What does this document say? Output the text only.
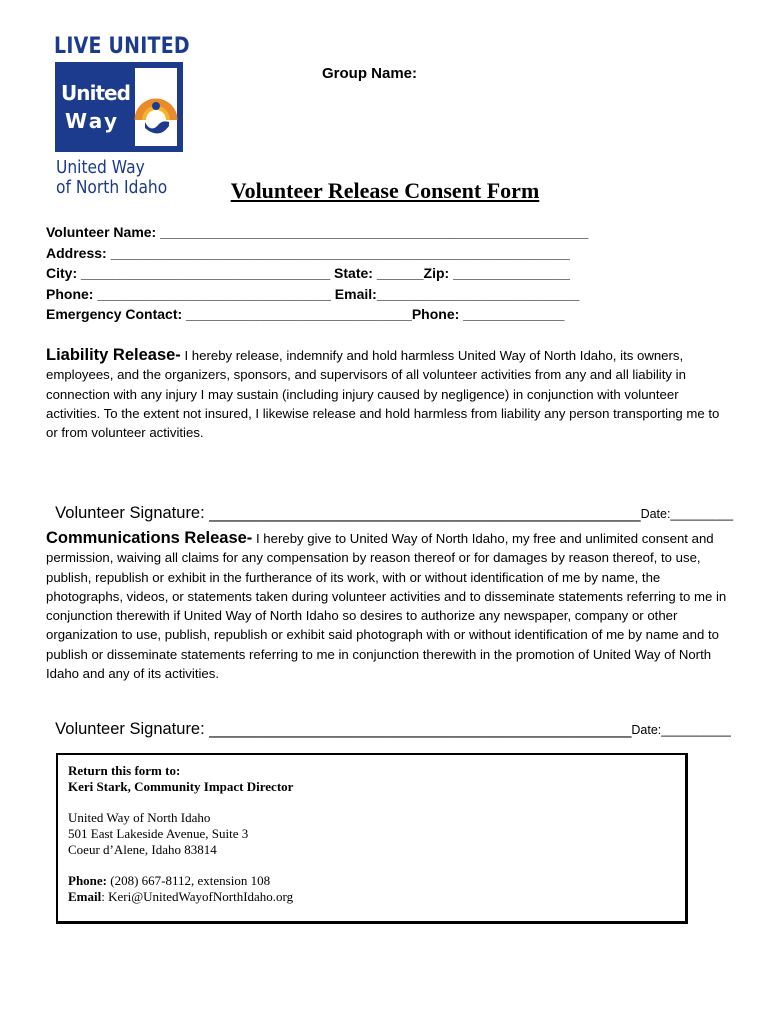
LIVE UNITED
United
Way
United Way
of North Idaho
Group Name:
Volunteer Release Consent Form
Volunteer Name: _______________________________________________________
Address: ___________________________________________________________
City: ________________________________ State: ______Zip: _______________
Phone: ______________________________ Email:__________________________
Emergency Contact: _____________________________Phone: _____________
Liability Release- I hereby release, indemnify and hold harmless United Way of North Idaho, its owners, employees, and the organizers, sponsors, and supervisors of all volunteer activities from any and all liability in connection with any injury I may sustain (including injury caused by negligence) in conjunction with volunteer activities. To the extent not insured, I likewise release and hold harmless from liability any person transporting me to or from volunteer activities.

Volunteer Signature: _______________________________________________Date:_________

Communications Release- I hereby give to United Way of North Idaho, my free and unlimited consent and permission, waiving all claims for any compensation by reason thereof or for damages by reason thereof, to use, publish, republish or exhibit in the furtherance of its work, with or without identification of me by name, the photographs, videos, or statements taken during volunteer activities and to disseminate statements referring to me in conjunction therewith if United Way of North Idaho so desires to authorize any newspaper, company or other organization to use, publish, republish or exhibit said photograph with or without identification of me by name and to publish or disseminate statements referring to me in conjunction therewith in the promotion of United Way of North Idaho and any of its activities.

Volunteer Signature: ______________________________________________Date:__________

Return this form to:
Keri Stark, Community Impact Director
United Way of North Idaho
501 East Lakeside Avenue, Suite 3
Coeur d’Alene, Idaho 83814
Phone: (208) 667-8112, extension 108
Email: Keri@UnitedWayofNorthIdaho.org
